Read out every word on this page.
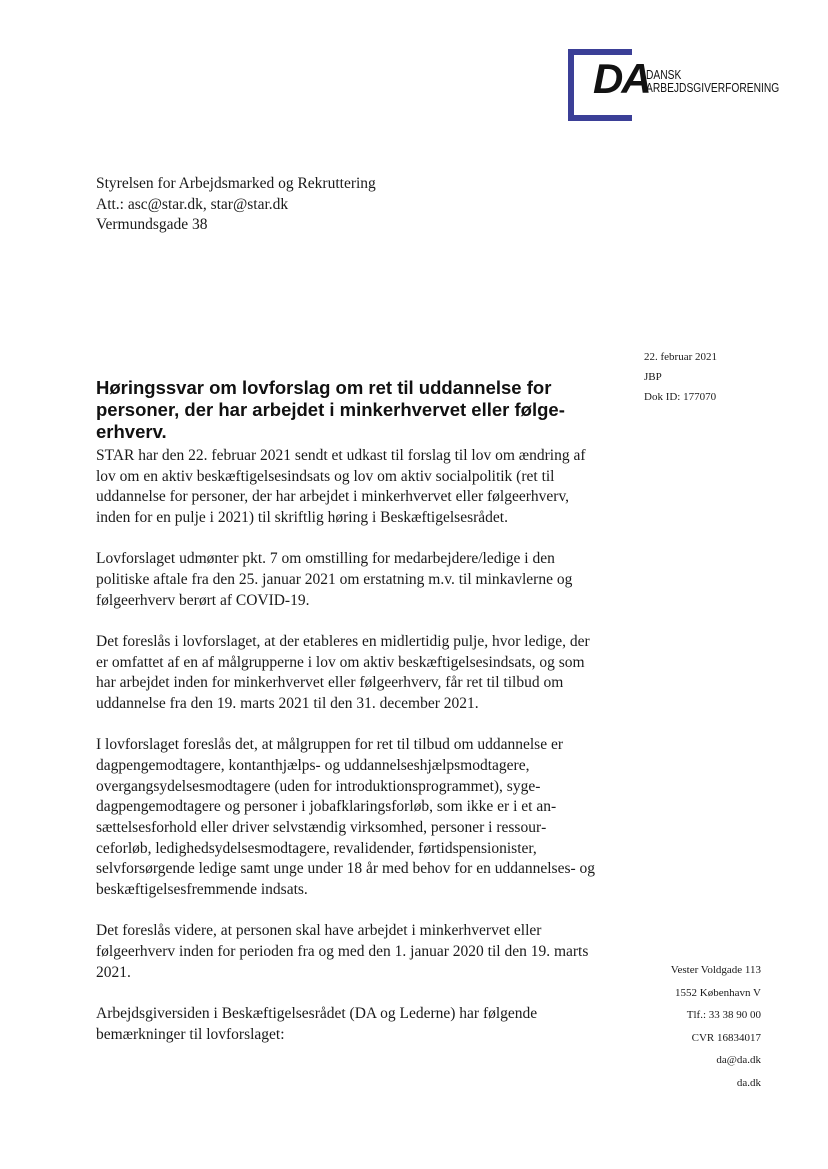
DA
DANSK
ARBEJDSGIVERFORENING
Styrelsen for Arbejdsmarked og Rekruttering
Att.: asc@star.dk, star@star.dk
Vermundsgade 38
22. februar 2021
JBP
Dok ID: 177070
Høringssvar om lovforslag om ret til uddannelse for personer, der har arbejdet i minkerhvervet eller følgeerhverv.

STAR har den 22. februar 2021 sendt et udkast til forslag til lov om ændring af lov om en aktiv beskæftigelsesindsats og lov om aktiv socialpolitik (ret til uddannelse for personer, der har arbejdet i minkerhvervet eller følgeerhverv, inden for en pulje i 2021) til skriftlig høring i Beskæftigelsesrådet.

Lovforslaget udmønter pkt. 7 om omstilling for medarbejdere/ledige i den politiske aftale fra den 25. januar 2021 om erstatning m.v. til minkavlerne og følgeerhverv berørt af COVID-19.

Det foreslås i lovforslaget, at der etableres en midlertidig pulje, hvor ledige, der er omfattet af en af målgrupperne i lov om aktiv beskæftigelsesindsats, og som har arbejdet inden for minkerhvervet eller følgeerhverv, får ret til tilbud om uddannelse fra den 19. marts 2021 til den 31. december 2021.

I lovforslaget foreslås det, at målgruppen for ret til tilbud om uddannelse er dagpengemodtagere, kontanthjælps- og uddannelseshjælpsmodtagere, overgangsydelsesmodtagere (uden for introduktionsprogrammet), sygedagpengemodtagere og personer i jobafklaringsforløb, som ikke er i et ansættelsesforhold eller driver selvstændig virksomhed, personer i ressourceforløb, ledighedsydelsesmodtagere, revalidender, førtidspensionister, selvforsørgende ledige samt unge under 18 år med behov for en uddannelses- og beskæftigelsesfremmende indsats.

Det foreslås videre, at personen skal have arbejdet i minkerhvervet eller følgeerhverv inden for perioden fra og med den 1. januar 2020 til den 19. marts 2021.

Arbejdsgiversiden i Beskæftigelsesrådet (DA og Lederne) har følgende bemærkninger til lovforslaget:

Vester Voldgade 113
1552 København V
Tlf.: 33 38 90 00
CVR 16834017
da@da.dk
da.dk
